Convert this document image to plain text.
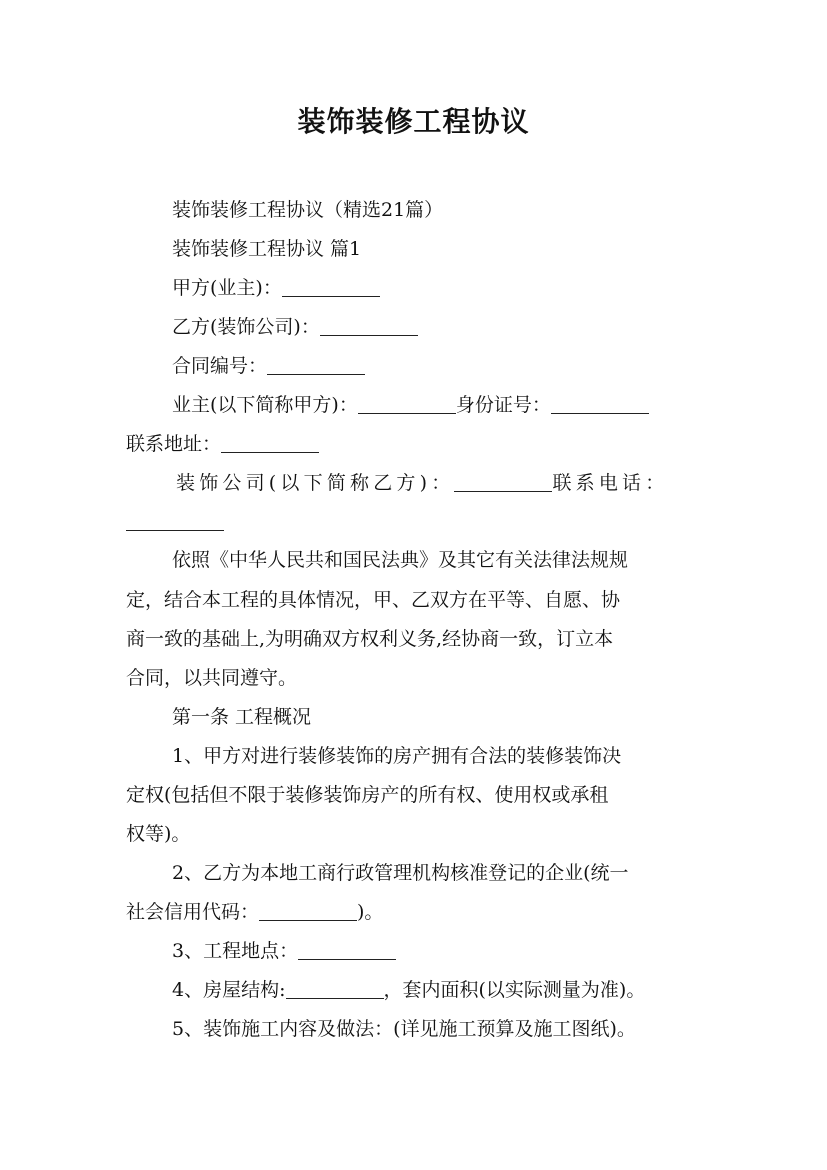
装饰装修工程协议
装饰装修工程协议（精选21篇）
装饰装修工程协议 篇1
甲方(业主)：
乙方(装饰公司)：
合同编号：
业主(以下简称甲方)：	身份证号：
联系地址：
装饰公司(以下简称乙方)：	联系电话：
依照《中华人民共和国民法典》及其它有关法律法规规
定，结合本工程的具体情况，甲、乙双方在平等、自愿、协
商一致的基础上,为明确双方权利义务,经协商一致，订立本
合同，以共同遵守。
第一条 工程概况
1、甲方对进行装修装饰的房产拥有合法的装修装饰决
定权(包括但不限于装修装饰房产的所有权、使用权或承租
权等)。
2、乙方为本地工商行政管理机构核准登记的企业(统一
社会信用代码：	)。
3、工程地点：
4、房屋结构:	，套内面积(以实际测量为准)。
5、装饰施工内容及做法：(详见施工预算及施工图纸)。
